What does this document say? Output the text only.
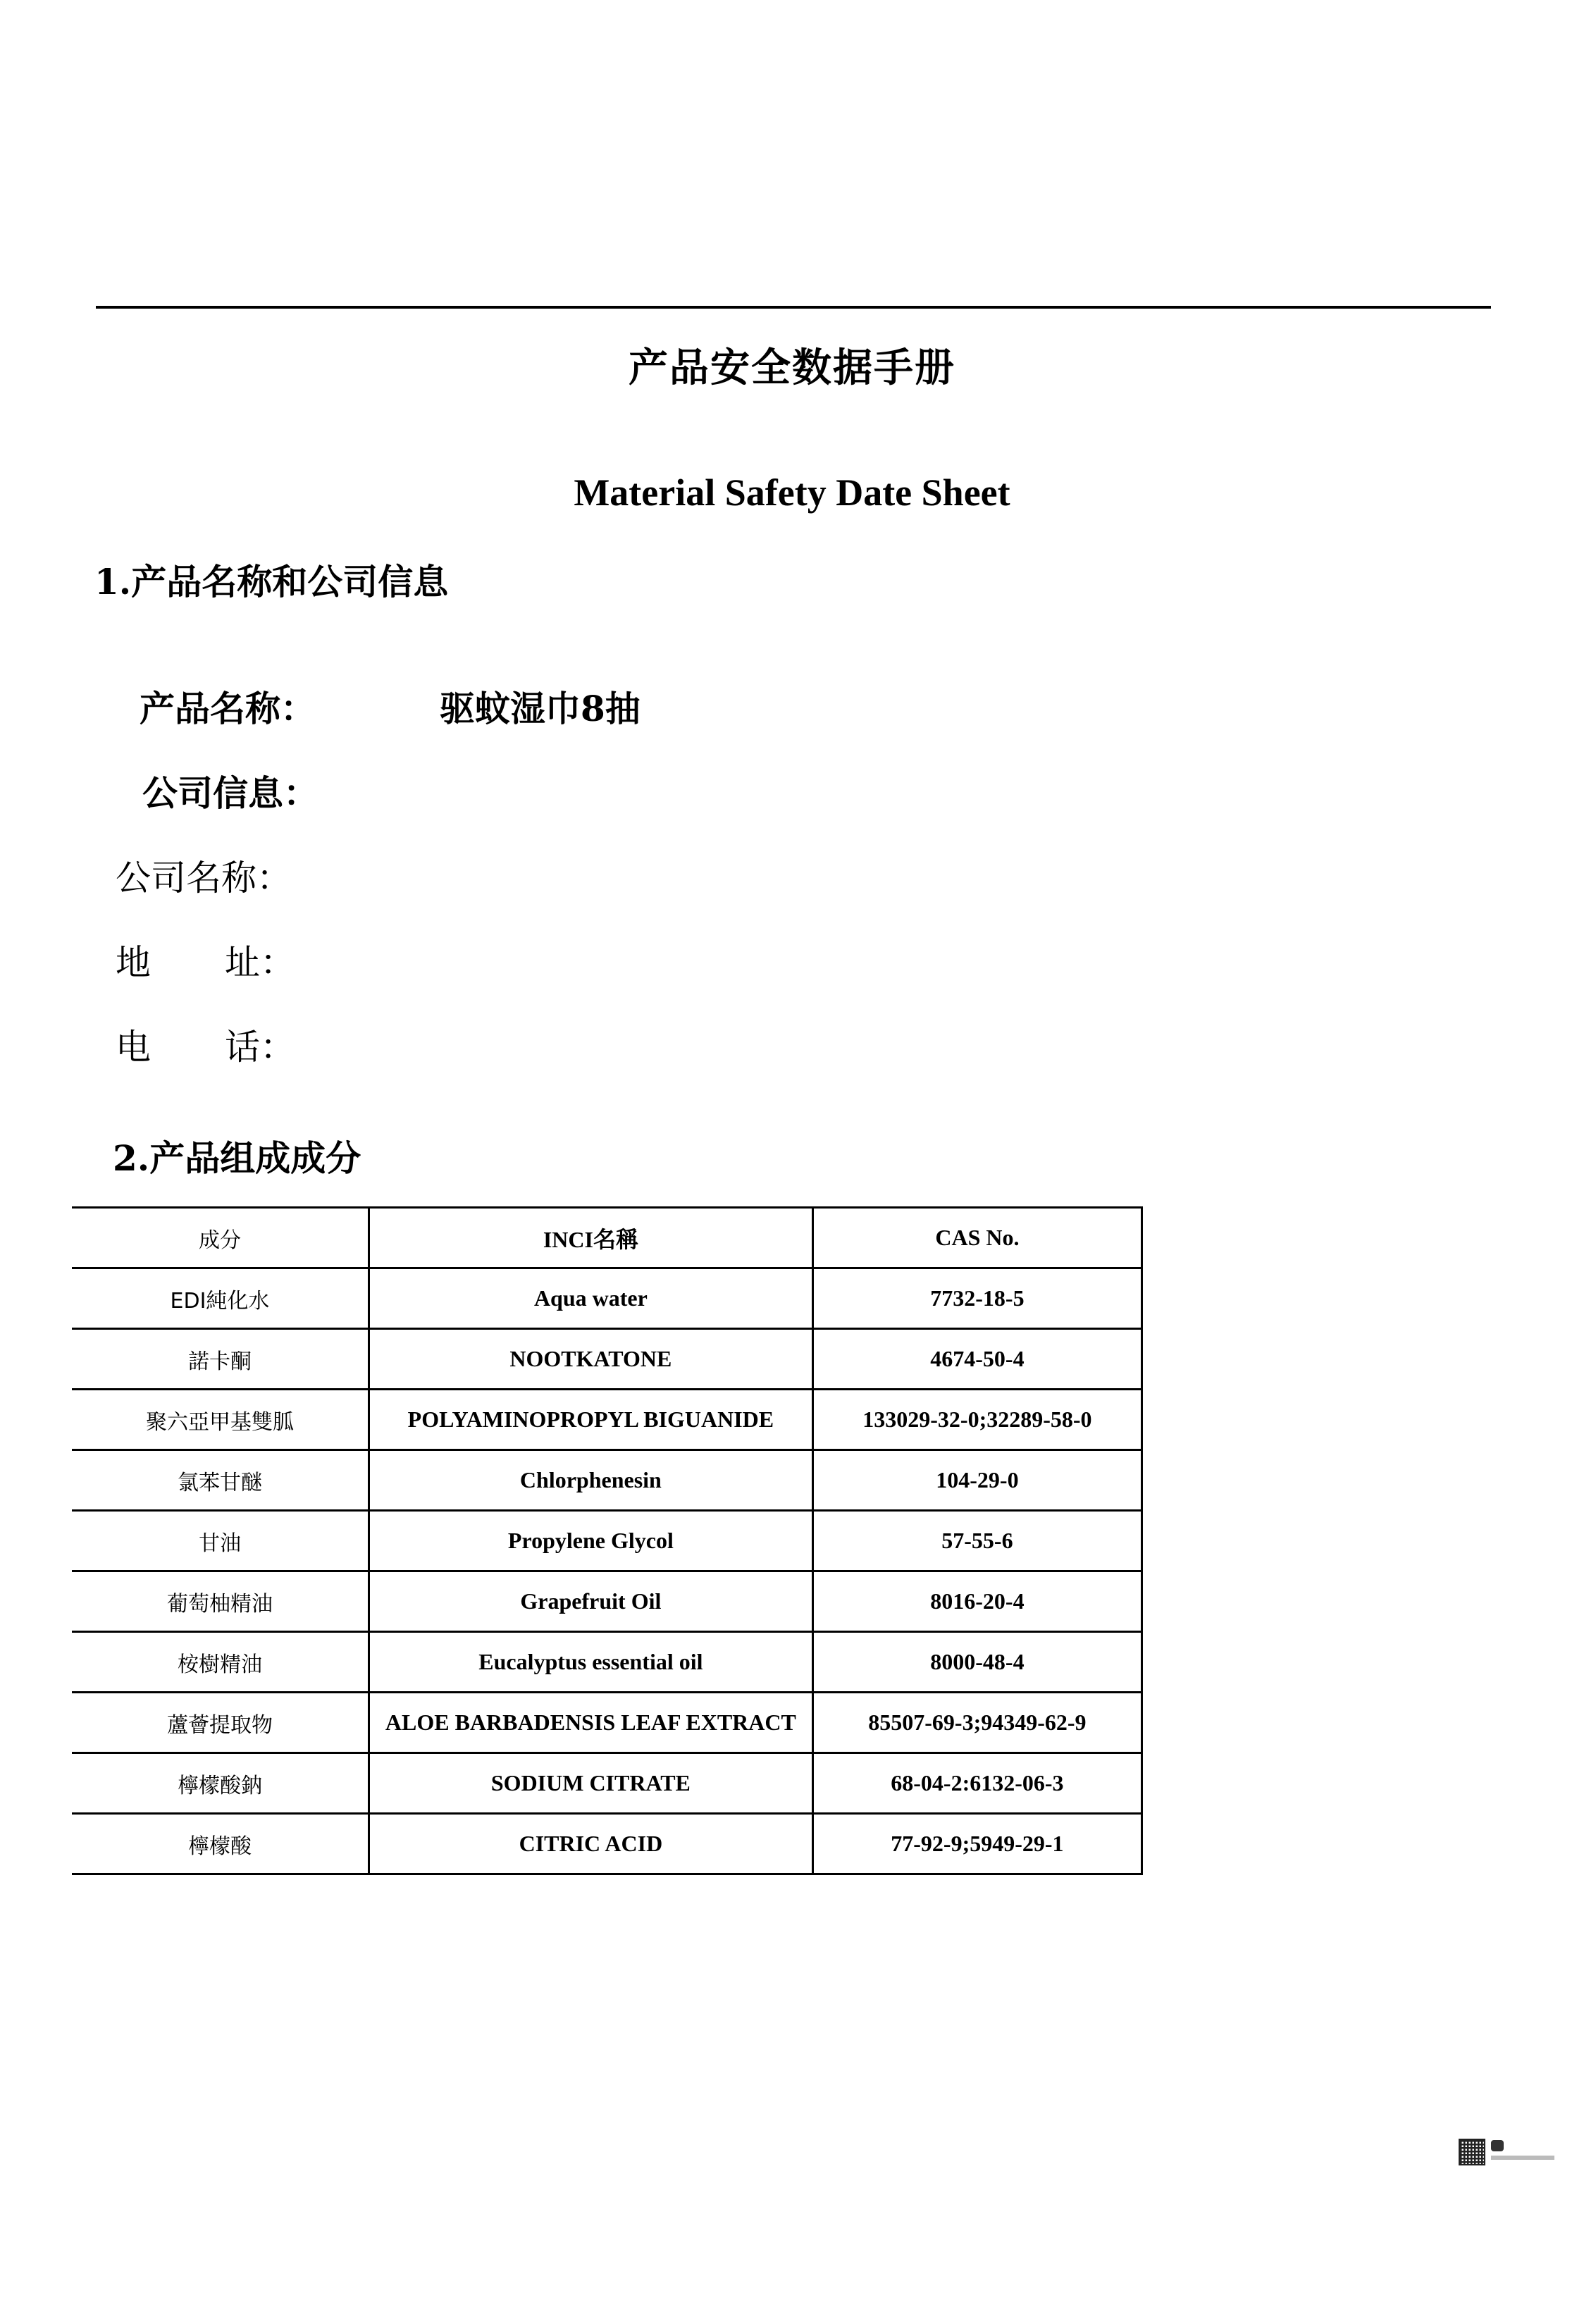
产品安全数据手册
Material Safety Date Sheet
1.产品名称和公司信息
产品名称：	驱蚊湿巾8抽
公司信息：
公司名称：
地 址：
电 话：
2.产品组成成分
成分	INCI名稱	CAS No.
EDI純化水	Aqua water	7732-18-5
諾卡酮	NOOTKATONE	4674-50-4
聚六亞甲基雙胍	POLYAMINOPROPYL BIGUANIDE	133029-32-0;32289-58-0
氯苯甘醚	Chlorphenesin	104-29-0
甘油	Propylene Glycol	57-55-6
葡萄柚精油	Grapefruit Oil	8016-20-4
桉樹精油	Eucalyptus essential oil	8000-48-4
蘆薈提取物	ALOE BARBADENSIS LEAF EXTRACT	85507-69-3;94349-62-9
檸檬酸鈉	SODIUM CITRATE	68-04-2:6132-06-3
檸檬酸	CITRIC ACID	77-92-9;5949-29-1
